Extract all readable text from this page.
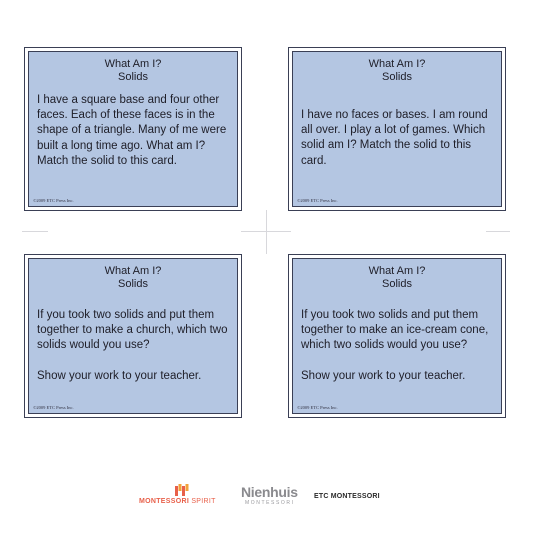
What Am I?
Solids

I have a square base and four other faces. Each of these faces is in the shape of a triangle. Many of me were built a long time ago. What am I? Match the solid to this card.

©2009 ETC Press Inc.
What Am I?
Solids

I have no faces or bases. I am round all over. I play a lot of games. Which solid am I? Match the solid to this card.

©2009 ETC Press Inc.
What Am I?
Solids

If you took two solids and put them together to make a church, which two solids would you use?

Show your work to your teacher.

©2009 ETC Press Inc.
What Am I?
Solids

If you took two solids and put them together to make an ice-cream cone, which two solids would you use?

Show your work to your teacher.

©2009 ETC Press Inc.
MONTESSORI SPIRIT
Nienhuis
MONTESSORI
ETC MONTESSORI
